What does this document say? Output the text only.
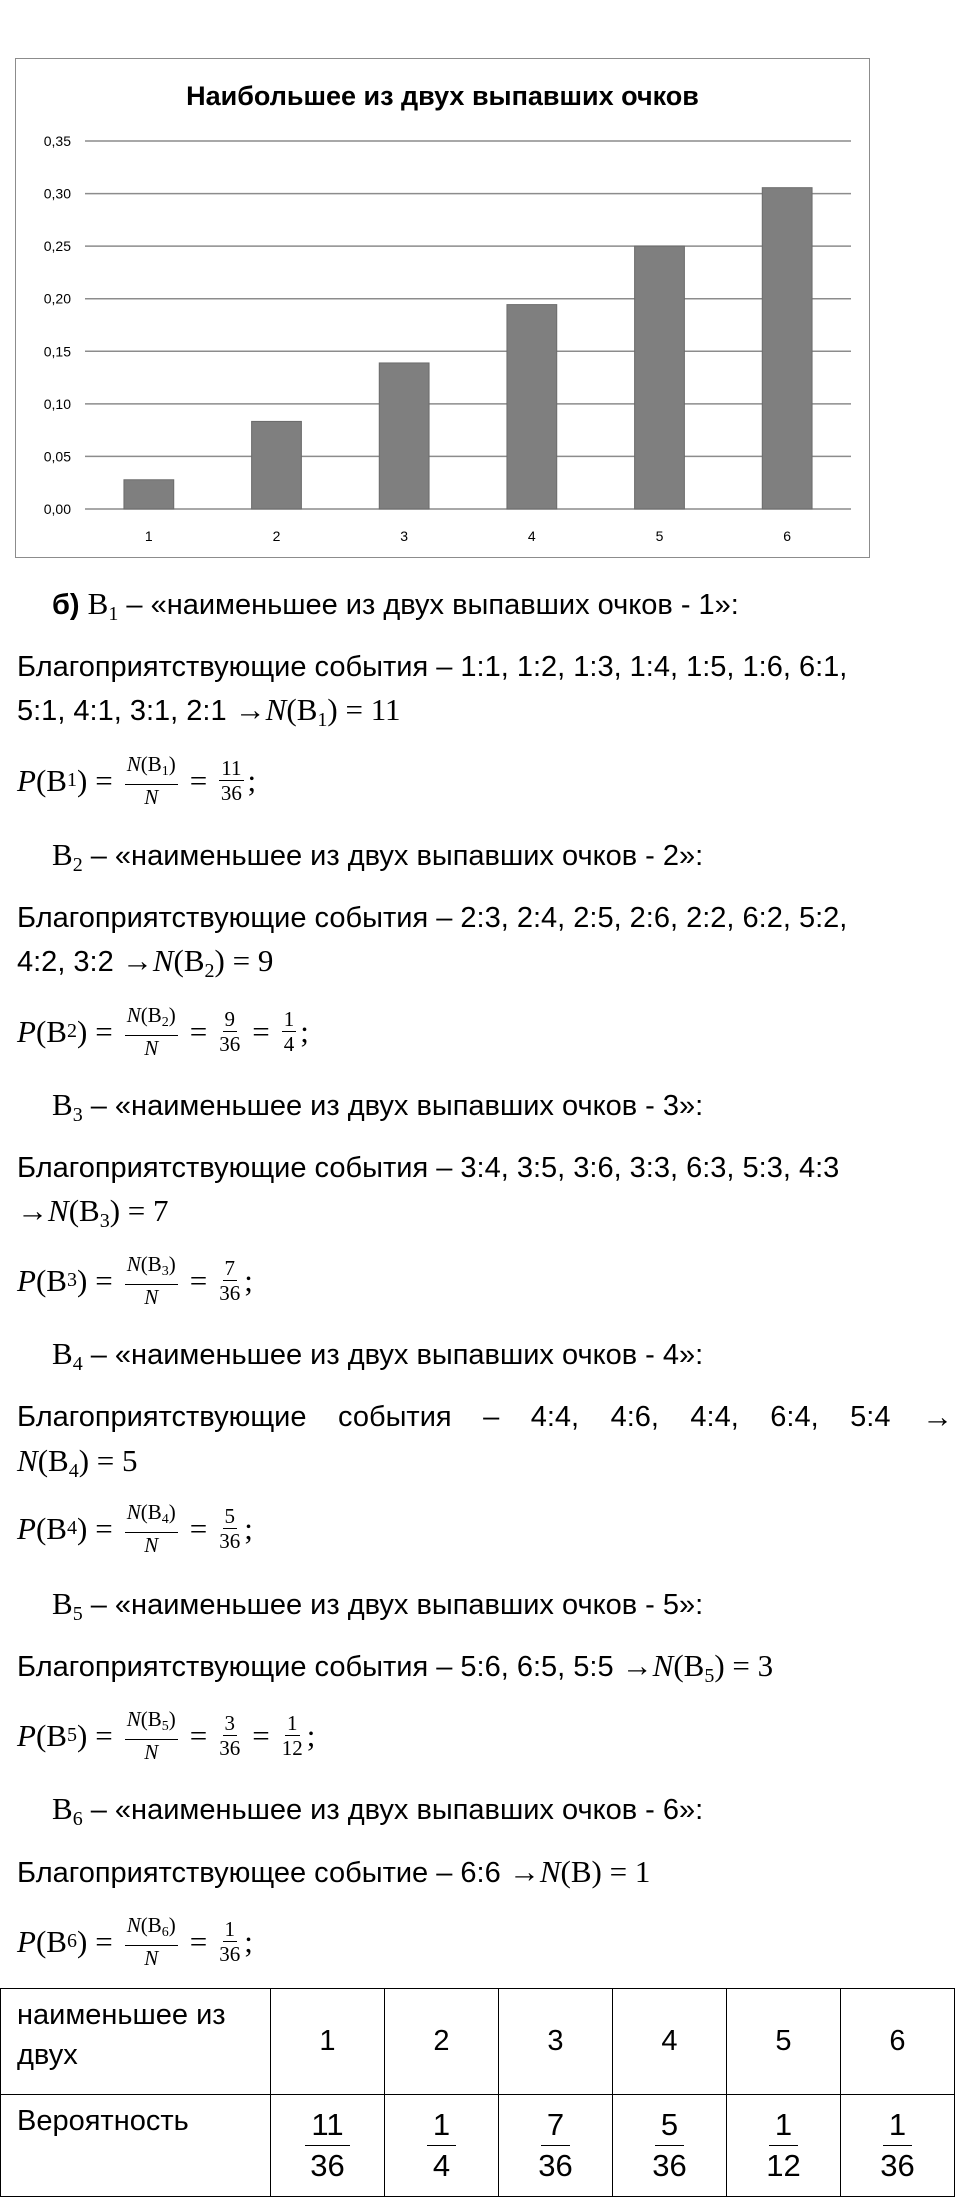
Наибольшее из двух выпавших очков
0,00
0,05
0,10
0,15
0,20
0,25
0,30
0,35
1	2	3	4	5	6
б) $B_1$ – «наименьшее из двух выпавших очков - 1»:
Благоприятствующие события – 1:1, 1:2, 1:3, 1:4, 1:5, 1:6, 6:1,
5:1, 4:1, 3:1, 2:1 $\to N(B_1) = 11$
P ( B 1 ) = $\frac{N(B_1)}{N} = \frac{11}{36}$ ;
$B_2$ – «наименьшее из двух выпавших очков - 2»:
Благоприятствующие события – 2:3, 2:4, 2:5, 2:6, 2:2, 6:2, 5:2,
4:2, 3:2 $\to N(B_2) = 9$
P ( B 2 ) = $\frac{N(B_2)}{N} = \frac{9}{36} = \frac{1}{4}$ ;
$B_3$ – «наименьшее из двух выпавших очков - 3»:
Благоприятствующие события – 3:4, 3:5, 3:6, 3:3, 6:3, 5:3, 4:3
$\to N(B_3) = 7$
P ( B 3 ) = $\frac{N(B_3)}{N} = \frac{7}{36}$ ;
$B_4$ – «наименьшее из двух выпавших очков - 4»:
Благоприятствующие события – 4:4, 4:6, 4:4, 6:4, 5:4 →
$N(B_4) = 5$
P ( B 4 ) = $\frac{N(B_4)}{N} = \frac{5}{36}$ ;
$B_5$ – «наименьшее из двух выпавших очков - 5»:
Благоприятствующие события – 5:6, 6:5, 5:5 $\to N(B_5) = 3$
P ( B 5 ) = $\frac{N(B_5)}{N} = \frac{3}{36} = \frac{1}{12}$ ;
$B_6$ – «наименьшее из двух выпавших очков - 6»:
Благоприятствующее событие – 6:6 →N(B) = 1
P ( B 6 ) = $\frac{N(B_6)}{N} = \frac{1}{36}$ ;
наименьшее из двух	1	2	3	4	5	6
Вероятность	$\frac{11}{36}$	$\frac{1}{4}$	$\frac{7}{36}$	$\frac{5}{36}$	$\frac{1}{12}$	$\frac{1}{36}$
